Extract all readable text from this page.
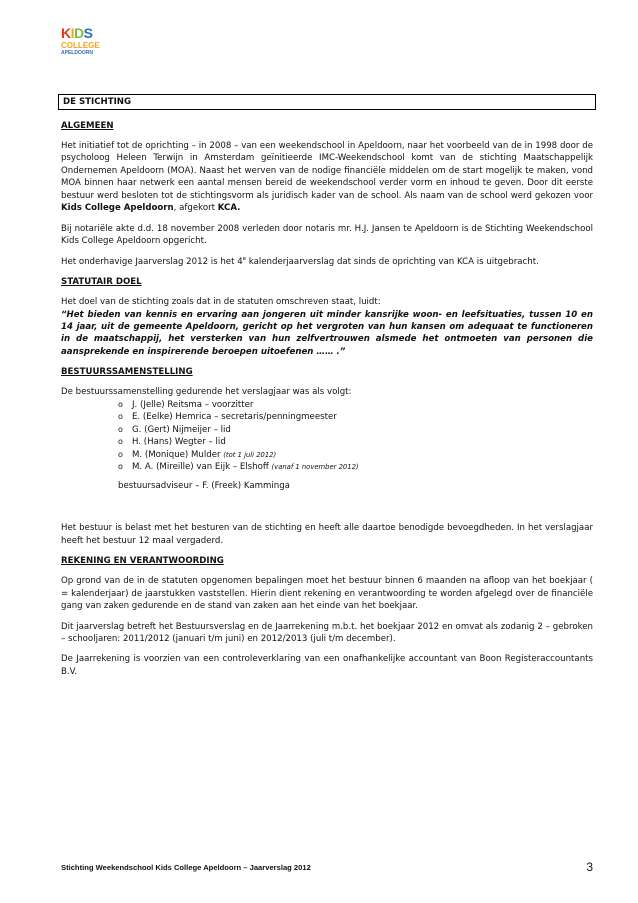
KIDS
COLLEGE
APELDOORN
DE STICHTING
ALGEMEEN

Het initiatief tot de oprichting – in 2008 – van een weekendschool in Apeldoorn, naar het voorbeeld van de in 1998 door de psycholoog Heleen Terwijn in Amsterdam geïnitieerde IMC-Weekendschool komt van de stichting Maatschappelijk Ondernemen Apeldoorn (MOA). Naast het werven van de nodige financiële middelen om de start mogelijk te maken, vond MOA binnen haar netwerk een aantal mensen bereid de weekendschool verder vorm en inhoud te geven. Door dit eerste bestuur werd besloten tot de stichtingsvorm als juridisch kader van de school. Als naam van de school werd gekozen voor Kids College Apeldoorn, afgekort KCA.

Bij notariële akte d.d. 18 november 2008 verleden door notaris mr. H.J. Jansen te Apeldoorn is de Stichting Weekendschool Kids College Apeldoorn opgericht.

Het onderhavige Jaarverslag 2012 is het 4e kalenderjaarverslag dat sinds de oprichting van KCA is uitgebracht.

STATUTAIR DOEL

Het doel van de stichting zoals dat in de statuten omschreven staat, luidt:
“Het bieden van kennis en ervaring aan jongeren uit minder kansrijke woon- en leefsituaties, tussen 10 en 14 jaar, uit de gemeente Apeldoorn, gericht op het vergroten van hun kansen om adequaat te functioneren in de maatschappij, het versterken van hun zelfvertrouwen alsmede het ontmoeten van personen die aansprekende en inspirerende beroepen uitoefenen …… .”

BESTUURSSAMENSTELLING

De bestuurssamenstelling gedurende het verslagjaar was als volgt:

o J. (Jelle) Reitsma – voorzitter
o E. (Eelke) Hemrica – secretaris/penningmeester
o G. (Gert) Nijmeijer – lid
o H. (Hans) Wegter – lid
o M. (Monique) Mulder (tot 1 juli 2012)
o M. A. (Mireille) van Eijk – Elshoff (vanaf 1 november 2012)
bestuursadviseur – F. (Freek) Kamminga

Het bestuur is belast met het besturen van de stichting en heeft alle daartoe benodigde bevoegdheden. In het verslagjaar heeft het bestuur 12 maal vergaderd.

REKENING EN VERANTWOORDING

Op grond van de in de statuten opgenomen bepalingen moet het bestuur binnen 6 maanden na afloop van het boekjaar ( = kalenderjaar) de jaarstukken vaststellen. Hierin dient rekening en verantwoording te worden afgelegd over de financiële gang van zaken gedurende en de stand van zaken aan het einde van het boekjaar.

Dit jaarverslag betreft het Bestuursverslag en de Jaarrekening m.b.t. het boekjaar 2012 en omvat als zodanig 2 – gebroken – schooljaren: 2011/2012 (januari t/m juni) en 2012/2013 (juli t/m december).

De Jaarrekening is voorzien van een controleverklaring van een onafhankelijke accountant van Boon Registeraccountants B.V.

Stichting Weekendschool Kids College Apeldoorn – Jaarverslag 2012	3
